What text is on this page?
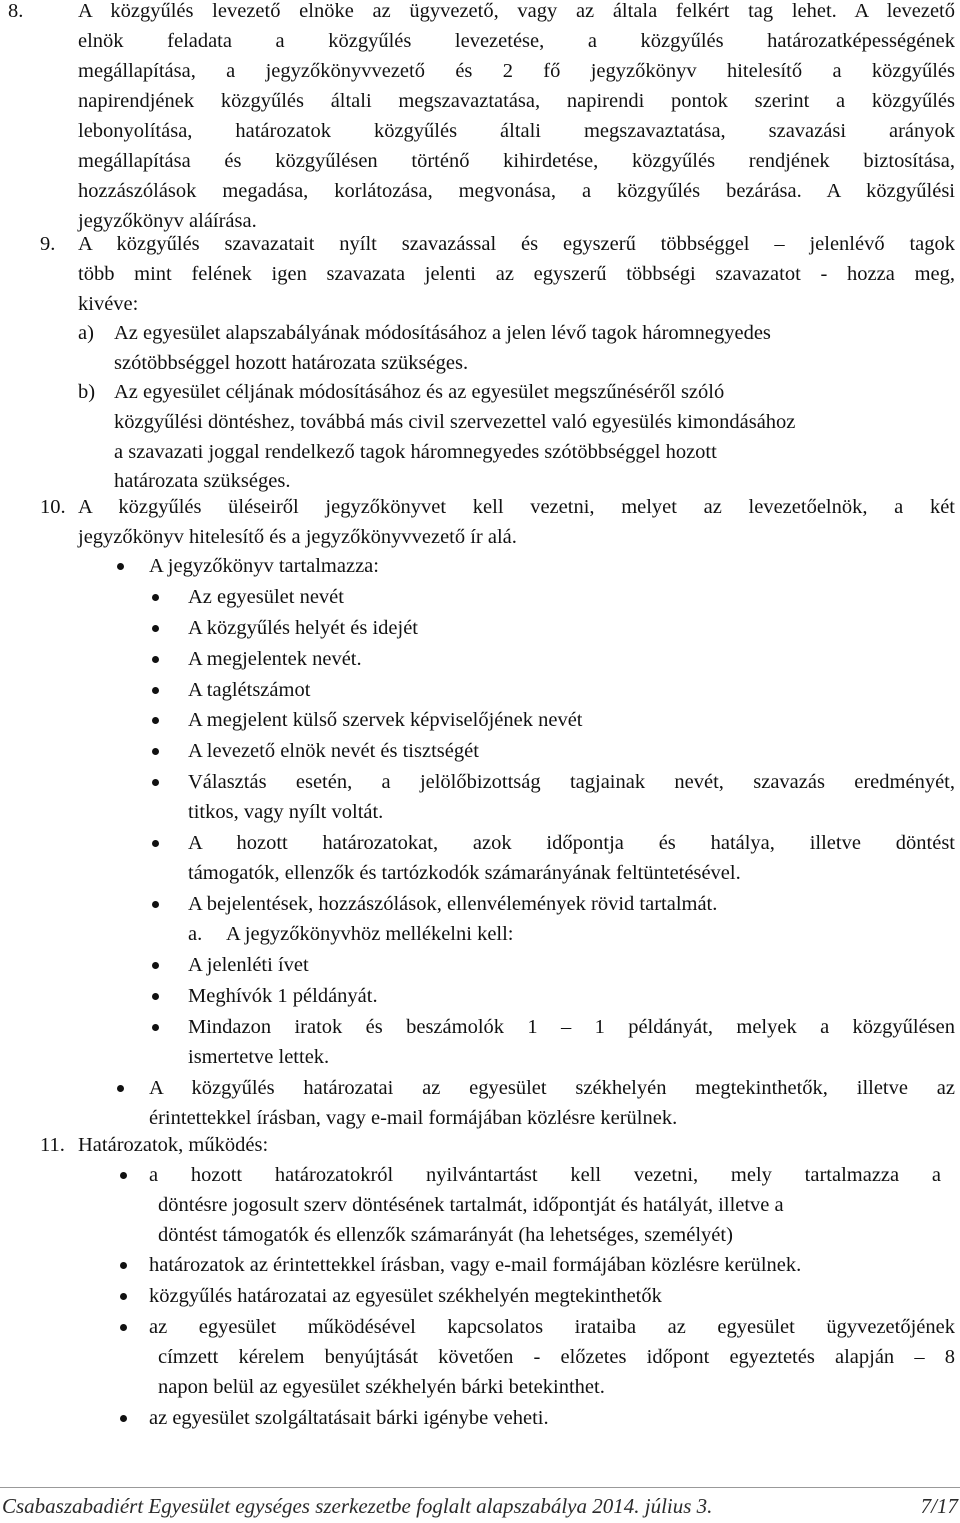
8.	A közgyűlés levezető elnöke az ügyvezető, vagy az általa felkért tag lehet. A levezető
elnök feladata a közgyűlés levezetése, a közgyűlés határozatképességének
megállapítása, a jegyzőkönyvvezető és 2 fő jegyzőkönyv hitelesítő a közgyűlés
napirendjének közgyűlés általi megszavaztatása, napirendi pontok szerint a közgyűlés
lebonyolítása, határozatok közgyűlés általi megszavaztatása, szavazási arányok
megállapítása és közgyűlésen történő kihirdetése, közgyűlés rendjének biztosítása,
hozzászólások megadása, korlátozása, megvonása, a közgyűlés bezárása. A közgyűlési
jegyzőkönyv aláírása.
9. A közgyűlés szavazatait nyílt szavazással és egyszerű többséggel – jelenlévő tagok
több mint felének igen szavazata jelenti az egyszerű többségi szavazatot - hozza meg,
kivéve:
a) Az egyesület alapszabályának módosításához a jelen lévő tagok háromnegyedes
szótöbbséggel hozott határozata szükséges.
b) Az egyesület céljának módosításához és az egyesület megszűnéséről szóló
közgyűlési döntéshez, továbbá más civil szervezettel való egyesülés kimondásához
a szavazati joggal rendelkező tagok háromnegyedes szótöbbséggel hozott
határozata szükséges.
10. A közgyűlés üléseiről jegyzőkönyvet kell vezetni, melyet az levezetőelnök, a két
jegyzőkönyv hitelesítő és a jegyzőkönyvvezető ír alá.
A jegyzőkönyv tartalmazza:
Az egyesület nevét
A közgyűlés helyét és idejét
A megjelentek nevét.
A taglétszámot
A megjelent külső szervek képviselőjének nevét
A levezető elnök nevét és tisztségét
Választás esetén, a jelölőbizottság tagjainak nevét, szavazás eredményét,
titkos, vagy nyílt voltát.
A hozott határozatokat, azok időpontja és hatálya, illetve döntést
támogatók, ellenzők és tartózkodók számarányának feltüntetésével.
A bejelentések, hozzászólások, ellenvélemények rövid tartalmát.
a. A jegyzőkönyvhöz mellékelni kell:
A jelenléti ívet
Meghívók 1 példányát.
Mindazon iratok és beszámolók 1 – 1 példányát, melyek a közgyűlésen
ismertetve lettek.
A közgyűlés határozatai az egyesület székhelyén megtekinthetők, illetve az
érintettekkel írásban, vagy e-mail formájában közlésre kerülnek.
11. Határozatok, működés:
a hozott határozatokról nyilvántartást kell vezetni, mely tartalmazza a
döntésre jogosult szerv döntésének tartalmát, időpontját és hatályát, illetve a
döntést támogatók és ellenzők számarányát (ha lehetséges, személyét)
határozatok az érintettekkel írásban, vagy e-mail formájában közlésre kerülnek.
közgyűlés határozatai az egyesület székhelyén megtekinthetők
az egyesület működésével kapcsolatos irataiba az egyesület ügyvezetőjének
címzett kérelem benyújtását követően - előzetes időpont egyeztetés alapján – 8
napon belül az egyesület székhelyén bárki betekinthet.
az egyesület szolgáltatásait bárki igénybe veheti.
Csabaszabadiért Egyesület egységes szerkezetbe foglalt alapszabálya 2014. július 3.	7/17
